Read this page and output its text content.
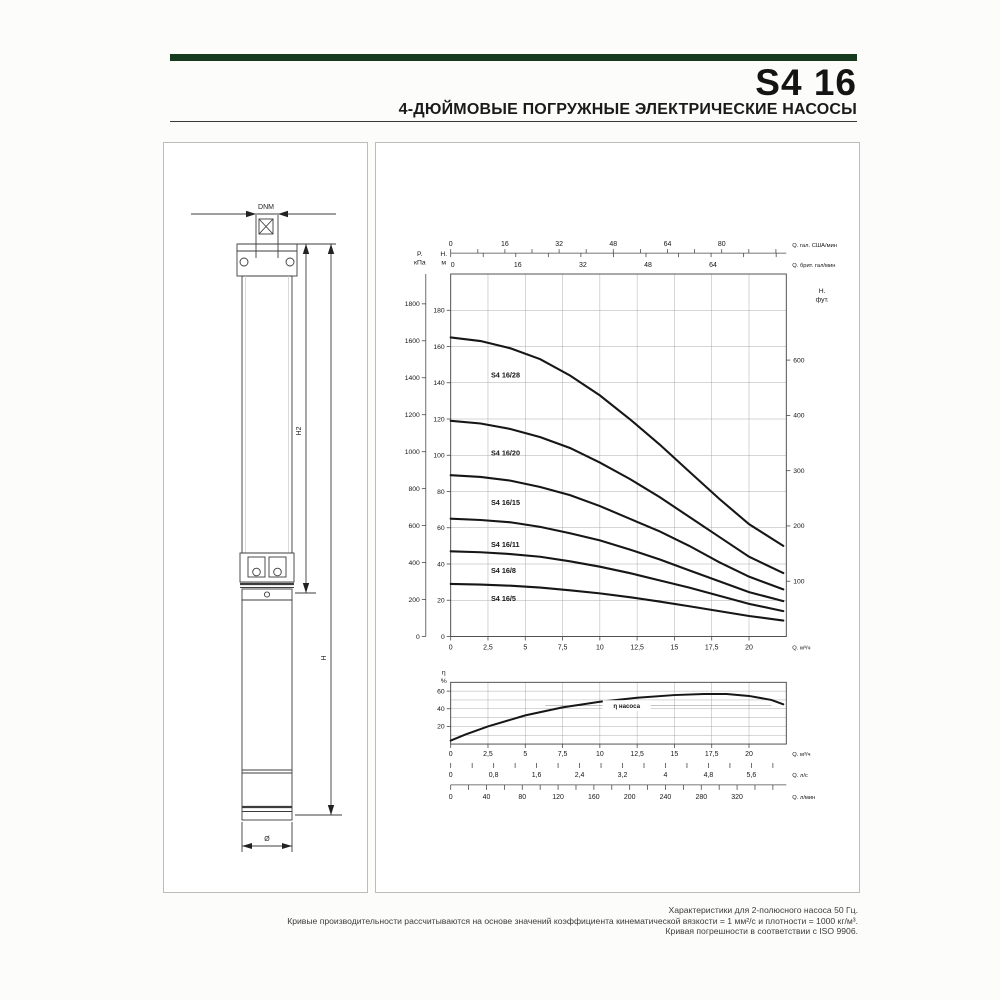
S4 16
4-ДЮЙМОВЫЕ ПОГРУЖНЫЕ ЭЛЕКТРИЧЕСКИЕ НАСОСЫ
DNM
H2
H
Ø
0
200
400
600
800
1000
1200
1400
1600
1800
P.
кПа
0
20
40
60
80
100
120
140
160
180
H.
м
0	16	32	48	64	80	Q. гал. США/мин
0	16	32	48	64	Q. брит. гал/мин
100
200
300
400
600
H.
фут.
0	2,5	5	7,5	10	12,5	15	17,5	20	Q. м³/ч
S4 16/28
S4 16/20
S4 16/15
S4 16/11
S4 16/8
S4 16/5
20
40
60
η
%
η насоса
0	2,5	5	7,5	10	12,5	15	17,5	20	Q. м³/ч
0	0,8	1,6	2,4	3,2	4	4,8	5,6	Q. л/с
0	40	80	120	160	200	240	280	320	Q. л/мин
Характеристики для 2-полюсного насоса 50 Гц.
Кривые производительности рассчитываются на основе значений коэффициента кинематической вязкости = 1 мм²/с и плотности = 1000 кг/м³.
Кривая погрешности в соответствии с ISO 9906.
